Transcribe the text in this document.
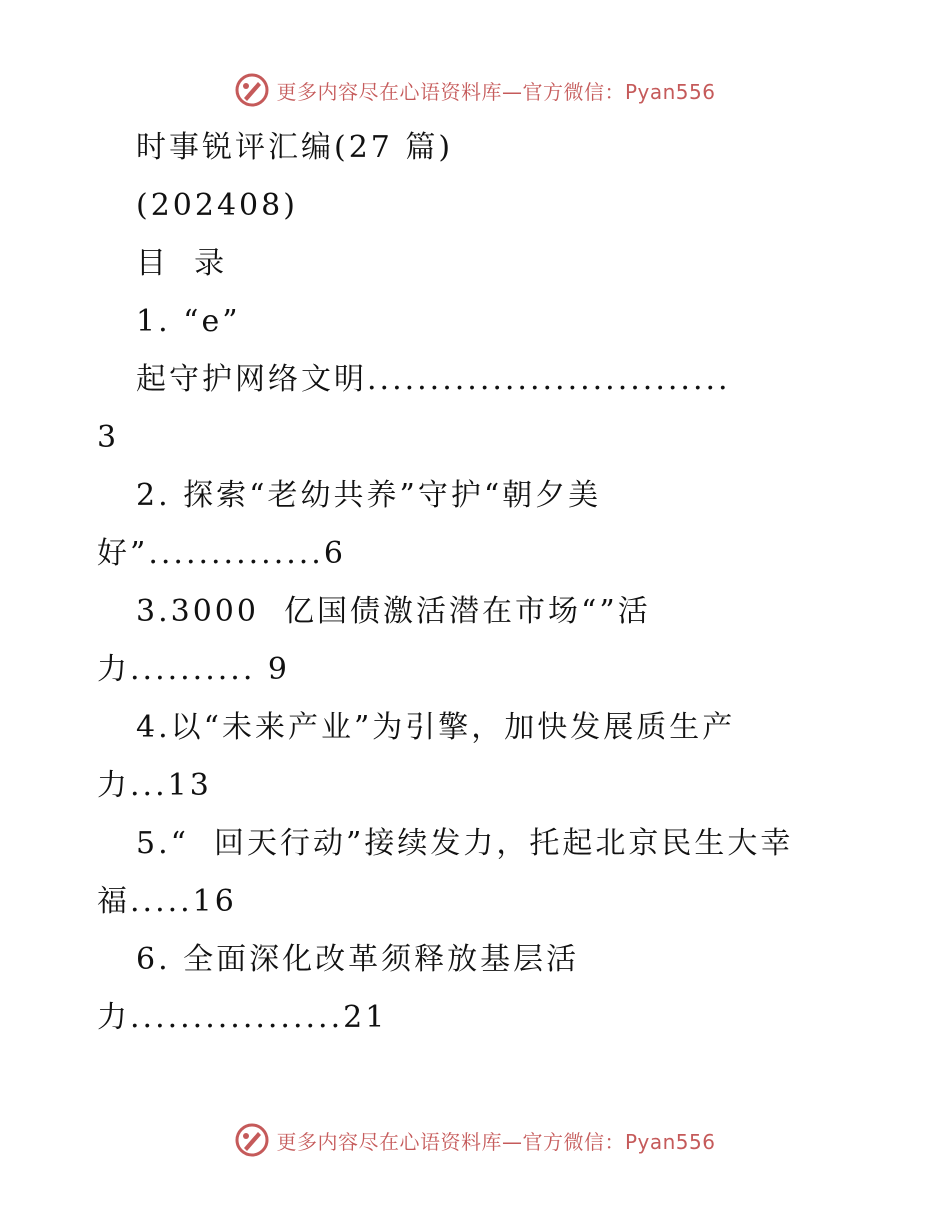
更多内容尽在心语资料库—官方微信：Pyan556
时事锐评汇编(27 篇)
(202408)
目  录
1. “e”
起守护网络文明.............................
3
2. 探索“老幼共养”守护“朝夕美
好”..............6
3.3000  亿国债激活潜在市场“”活
力.......... 9
4.以“未来产业”为引擎，加快发展质生产
力...13
5.“  回天行动”接续发力，托起北京民生大幸
福.....16
6. 全面深化改革须释放基层活
力.................21
更多内容尽在心语资料库—官方微信：Pyan556
